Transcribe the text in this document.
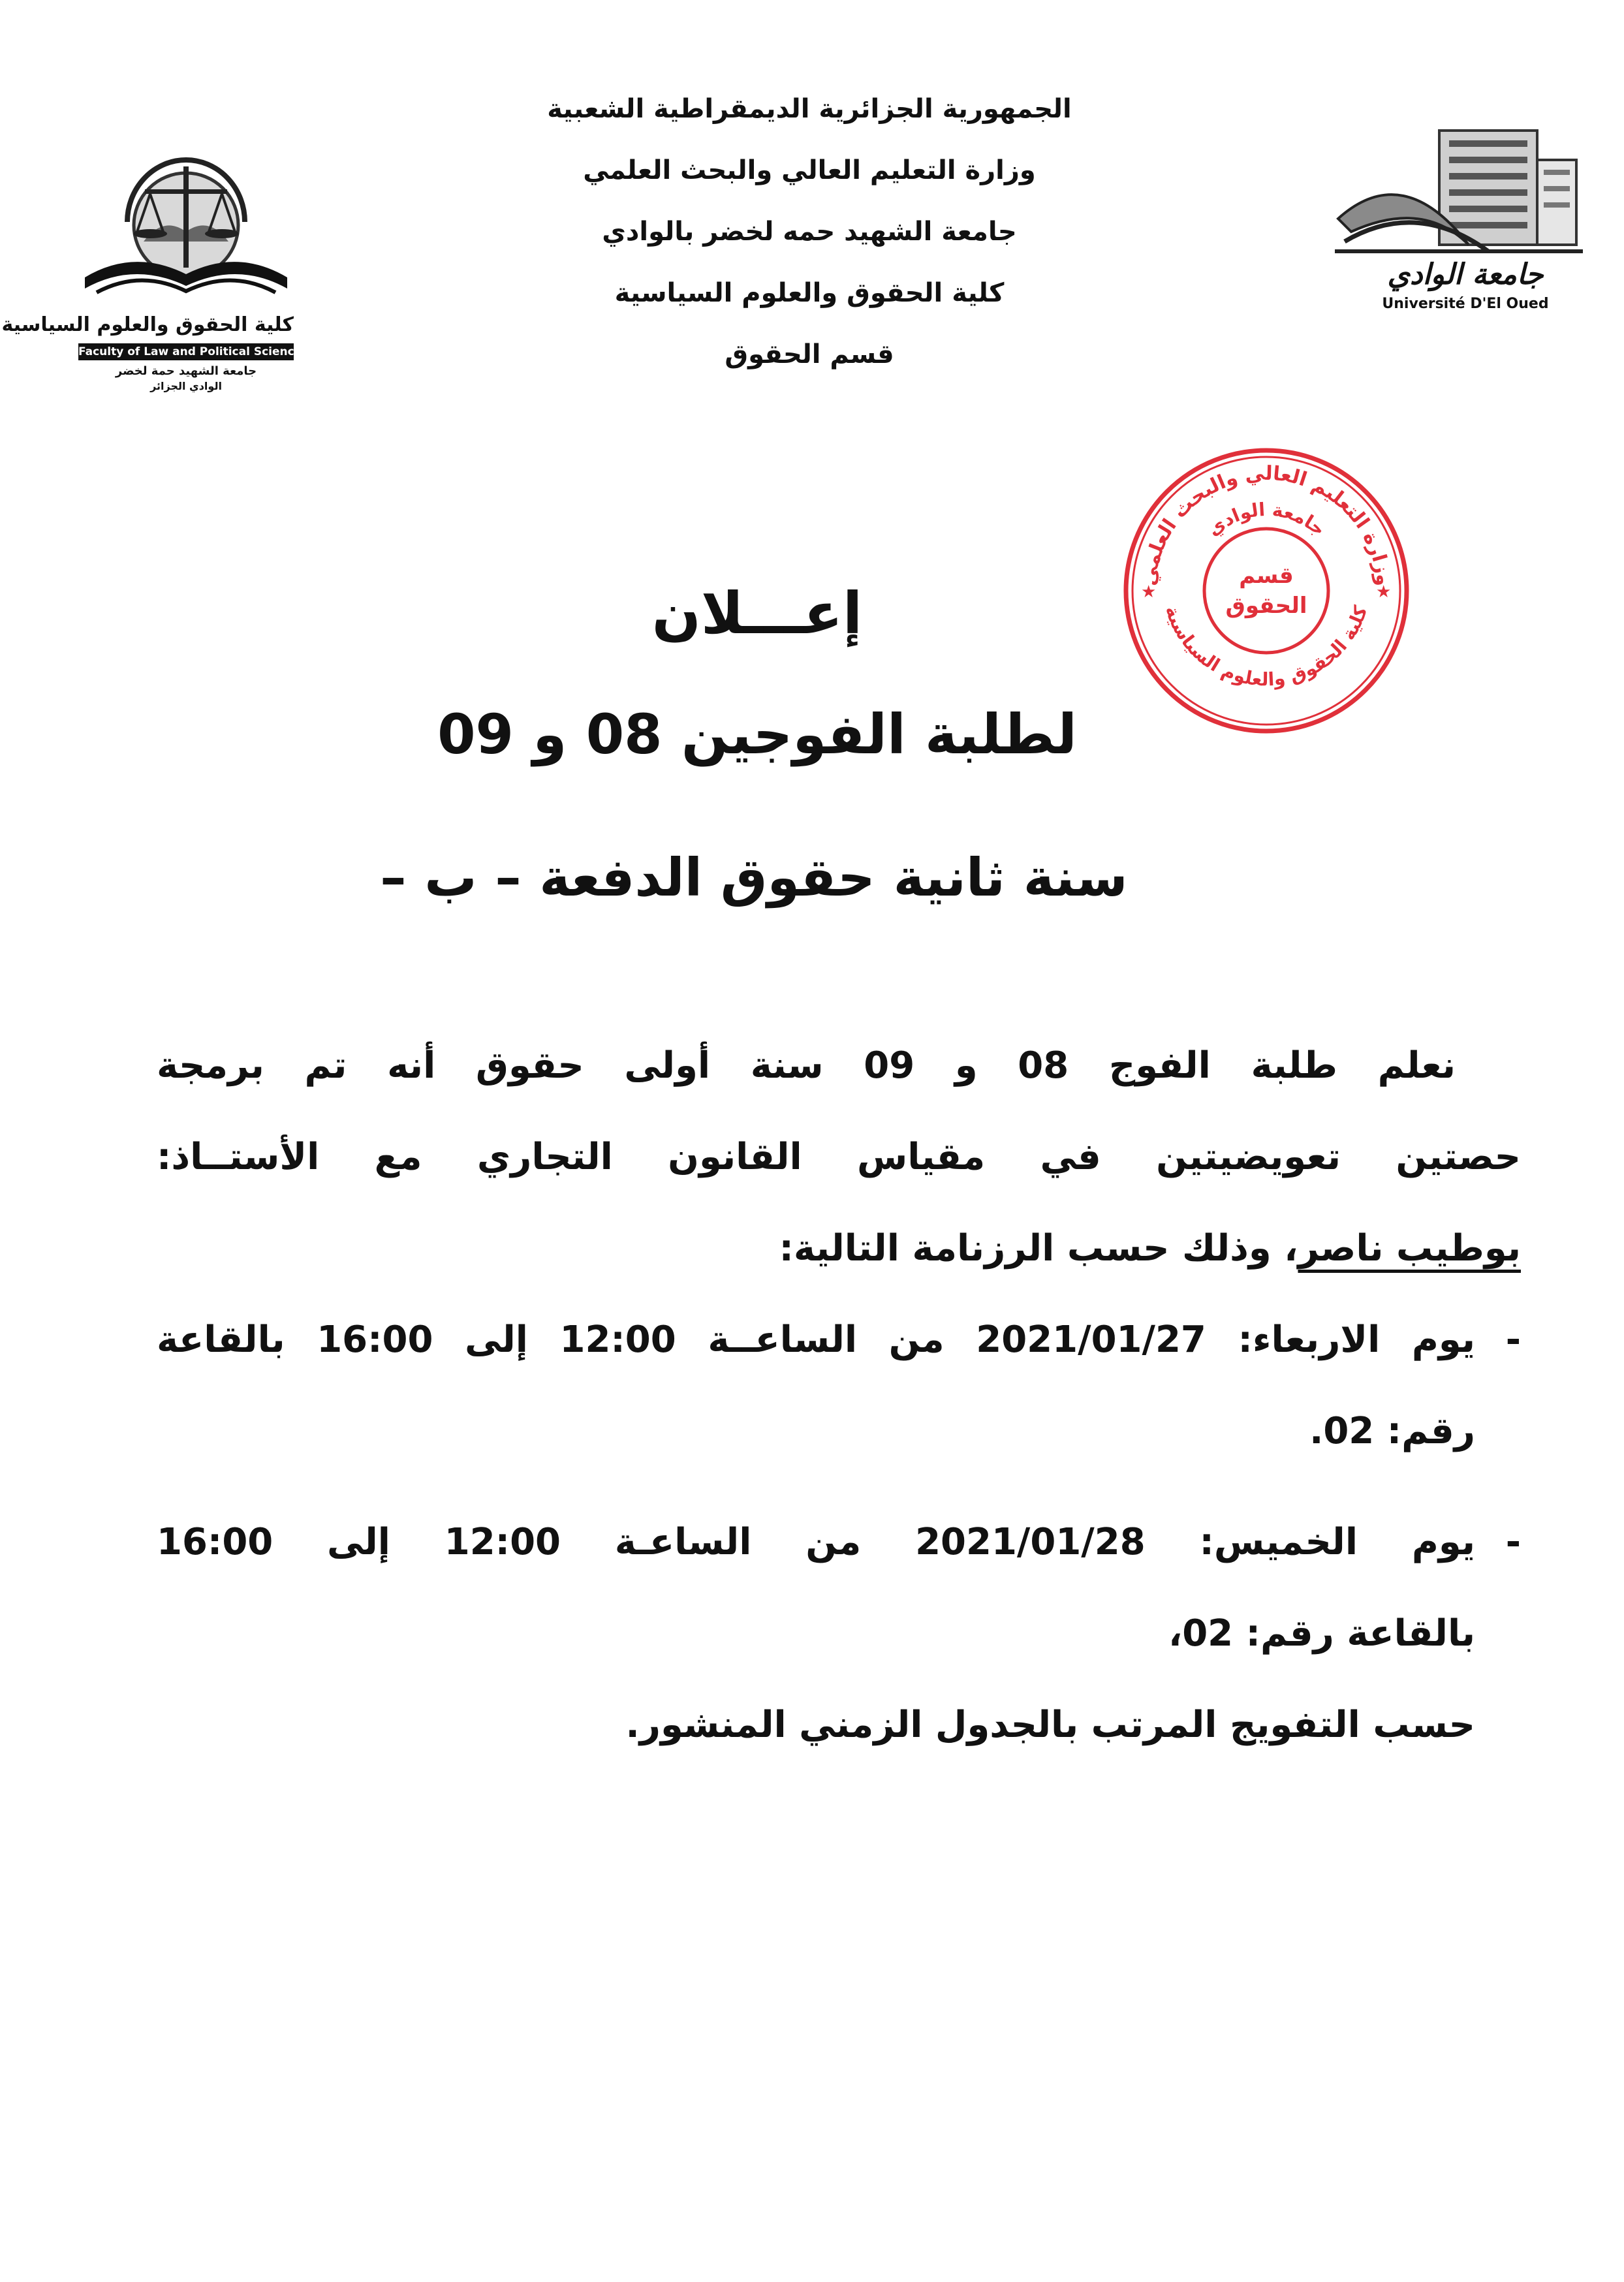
الجمهورية الجزائرية الديمقراطية الشعبية
وزارة التعليم العالي والبحث العلمي
جامعة الشهيد حمه لخضر بالوادي
كلية الحقوق والعلوم السياسية
قسم الحقوق
كلية الحقوق والعلوم السياسية
Faculty of Law and Political Science
جامعة الشهيد حمة لخضر
الوادي الجزائر
جامعة الوادي
Université D'El Oued
وزارة التعليم العالي والبحث العلمي
جامعة الوادي
كلية الحقوق والعلوم السياسية
قسم
الحقوق
★	★
إعـــلان
لطلبة الفوجين 08 و 09
سنة ثانية حقوق الدفعة – ب –
نعلم طلبة الفوج 08 و 09 سنة أولى حقوق أنه تم برمجة
حصتين تعويضيتين في مقياس القانون التجاري مع الأستــاذ:
بوطيب ناصر، وذلك حسب الرزنامة التالية:
-
يوم الاربعاء: 2021/01/27 من الساعــة 12:00 إلى 16:00 بالقاعة
رقم: 02.
-
يوم الخميس: 2021/01/28 من الساعـة 12:00 إلى 16:00
بالقاعة رقم: 02،
حسب التفويج المرتب بالجدول الزمني المنشور.
